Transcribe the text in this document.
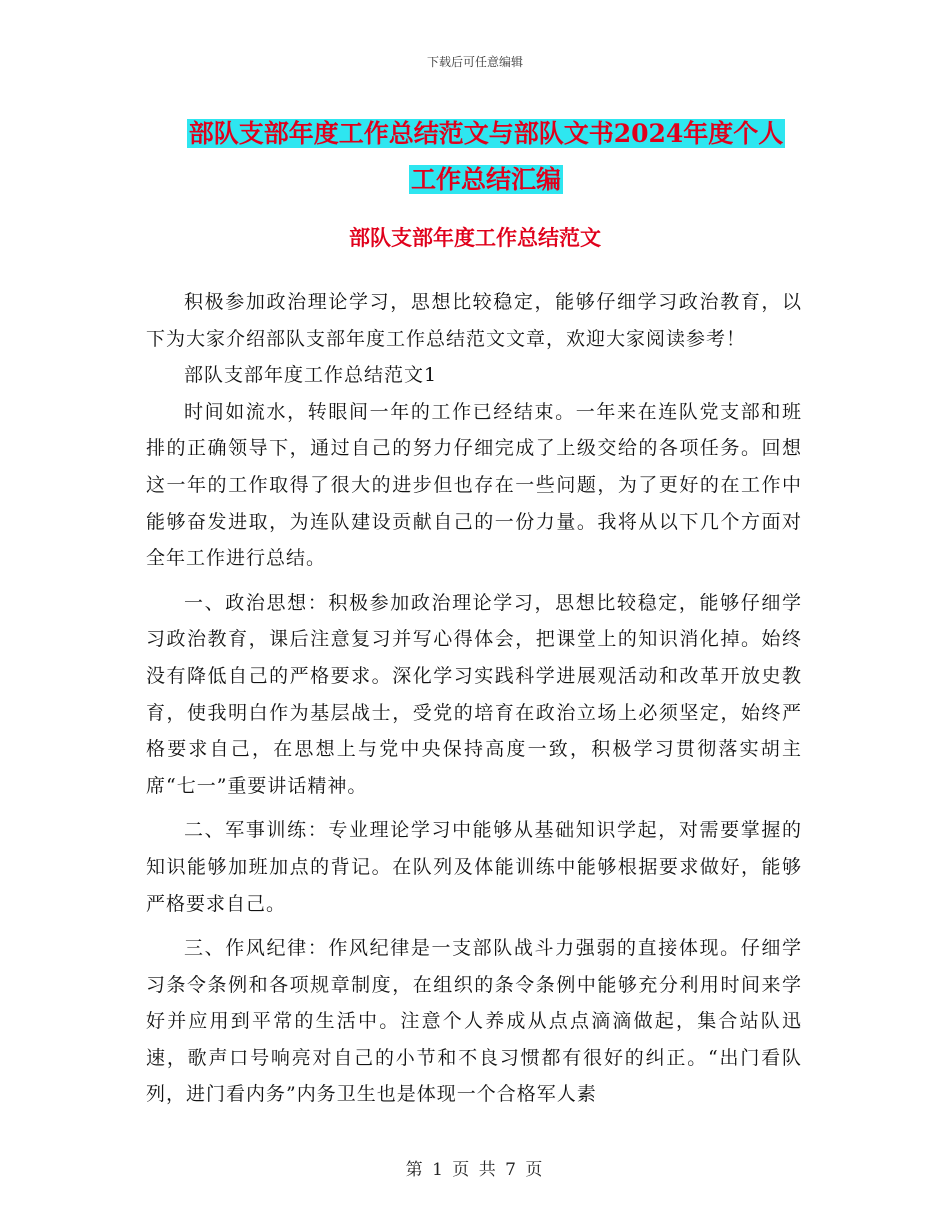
下载后可任意编辑
部队支部年度工作总结范文与部队文书2024年度个人
工作总结汇编
部队支部年度工作总结范文

积极参加政治理论学习，思想比较稳定，能够仔细学习政治教育，以下为大家介绍部队支部年度工作总结范文文章，欢迎大家阅读参考！

部队支部年度工作总结范文1

时间如流水，转眼间一年的工作已经结束。一年来在连队党支部和班排的正确领导下，通过自己的努力仔细完成了上级交给的各项任务。回想这一年的工作取得了很大的进步但也存在一些问题，为了更好的在工作中能够奋发进取，为连队建设贡献自己的一份力量。我将从以下几个方面对全年工作进行总结。

一、政治思想：积极参加政治理论学习，思想比较稳定，能够仔细学习政治教育，课后注意复习并写心得体会，把课堂上的知识消化掉。始终没有降低自己的严格要求。深化学习实践科学进展观活动和改革开放史教育，使我明白作为基层战士，受党的培育在政治立场上必须坚定，始终严格要求自己，在思想上与党中央保持高度一致，积极学习贯彻落实胡主席“七一”重要讲话精神。

二、军事训练：专业理论学习中能够从基础知识学起，对需要掌握的知识能够加班加点的背记。在队列及体能训练中能够根据要求做好，能够严格要求自己。

三、作风纪律：作风纪律是一支部队战斗力强弱的直接体现。仔细学习条令条例和各项规章制度，在组织的条令条例中能够充分利用时间来学好并应用到平常的生活中。注意个人养成从点点滴滴做起，集合站队迅速，歌声口号响亮对自己的小节和不良习惯都有很好的纠正。“出门看队列，进门看内务”内务卫生也是体现一个合格军人素

第 1 页 共 7 页
